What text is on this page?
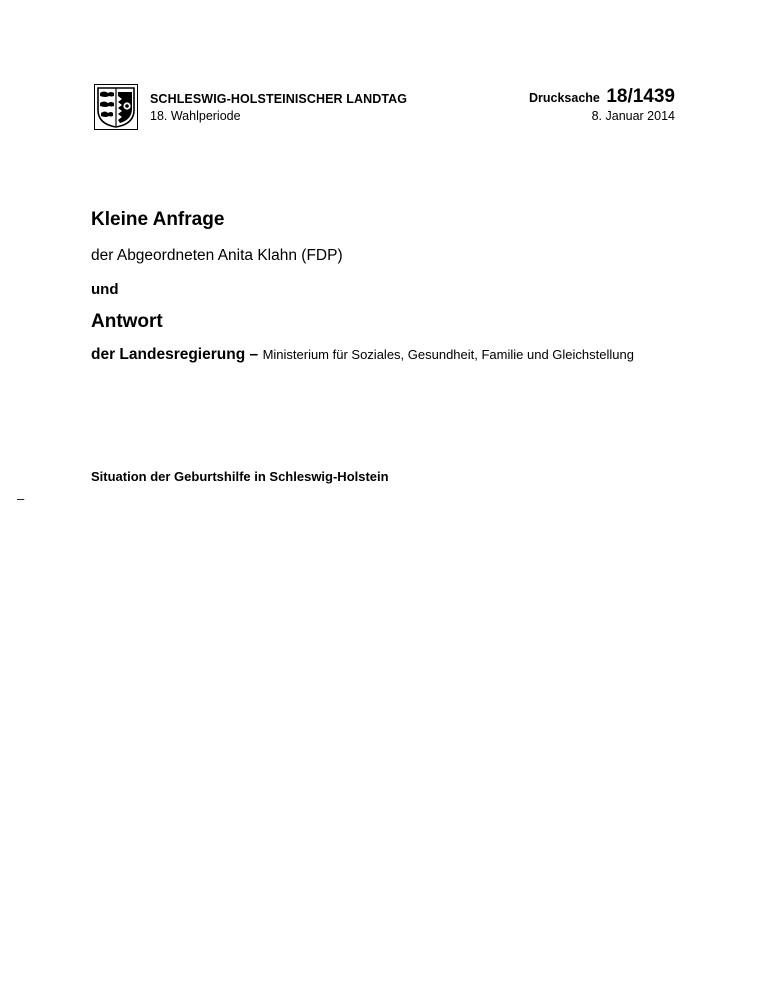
SCHLESWIG-HOLSTEINISCHER LANDTAG
18. Wahlperiode
Drucksache 18/1439
8. Januar 2014
Kleine Anfrage
der Abgeordneten Anita Klahn (FDP)
und
Antwort
der Landesregierung – Ministerium für Soziales, Gesundheit, Familie und Gleichstellung
Situation der Geburtshilfe in Schleswig-Holstein
–
